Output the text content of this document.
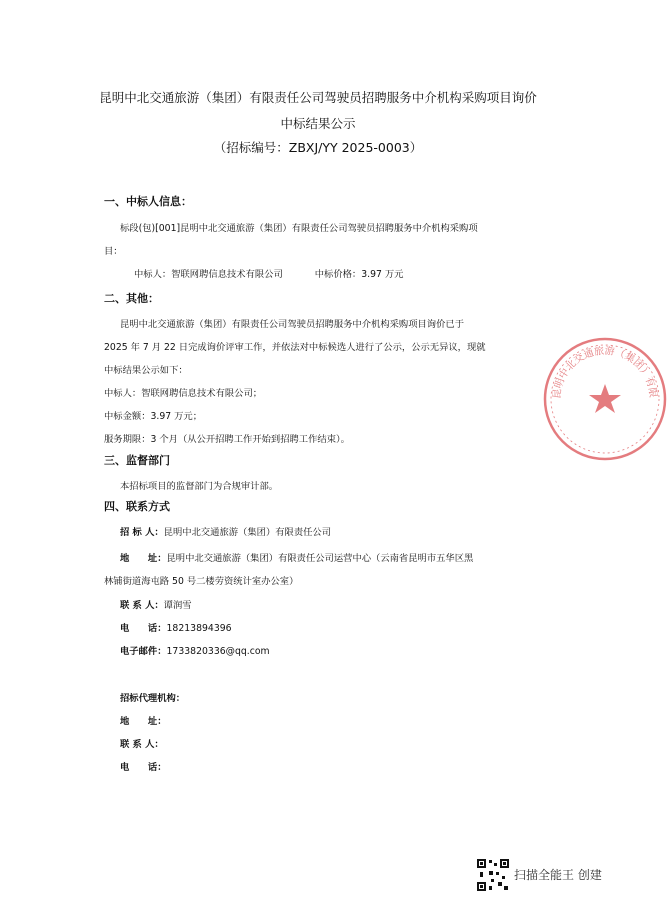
昆明中北交通旅游（集团）有限责任公司驾驶员招聘服务中介机构采购项目询价
中标结果公示
（招标编号：ZBXJ/YY 2025-0003）
一、中标人信息：
标段(包)[001]昆明中北交通旅游（集团）有限责任公司驾驶员招聘服务中介机构采购项
目：
中标人：智联网聘信息技术有限公司	中标价格：3.97 万元
二、其他：
昆明中北交通旅游（集团）有限责任公司驾驶员招聘服务中介机构采购项目询价已于
2025 年 7 月 22 日完成询价评审工作，并依法对中标候选人进行了公示，公示无异议，现就
中标结果公示如下：
中标人：智联网聘信息技术有限公司；
中标金额：3.97 万元；
服务期限：3 个月（从公开招聘工作开始到招聘工作结束）。
三、监督部门
本招标项目的监督部门为合规审计部。
四、联系方式
招 标 人：昆明中北交通旅游（集团）有限责任公司
地　　址：昆明中北交通旅游（集团）有限责任公司运营中心（云南省昆明市五华区黑
林铺街道海屯路 50 号二楼劳资统计室办公室）
联 系 人：谭润雪
电　　话：18213894396
电子邮件：1733820336@qq.com
招标代理机构：
地　　址：
联 系 人：
电　　话：
昆明中北交通旅游（集团）有限
扫描全能王 创建
